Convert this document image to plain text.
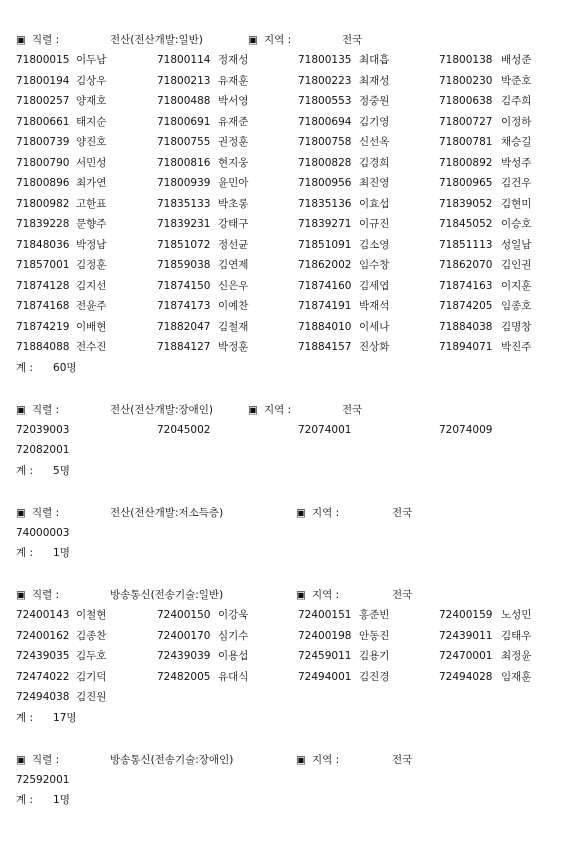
▣ 직렬 :	전산(전산개발:일반)	▣ 지역 :	전국
71800015 이두남	71800114 정재성	71800135 최대흡	71800138 배성준
71800194 김상우	71800213 유재훈	71800223 최재성	71800230 박준호
71800257 양재호	71800488 박서영	71800553 정중원	71800638 김주희
71800661 태지순	71800691 유재준	71800694 김기영	71800727 이정하
71800739 양진호	71800755 권정훈	71800758 신선옥	71800781 채승길
71800790 서민성	71800816 현지웅	71800828 김경희	71800892 박성주
71800896 최가연	71800939 윤민아	71800956 최진영	71800965 김건우
71800982 고한표	71835133 박초롱	71835136 이효섭	71839052 김현미
71839228 문향주	71839231 강태구	71839271 이규진	71845052 이승호
71848036 박정남	71851072 정선균	71851091 김소영	71851113 성일남
71857001 김정훈	71859038 김연제	71862002 임수창	71862070 김인권
71874128 김지선	71874150 신은우	71874160 김세엽	71874163 이지훈
71874168 전윤주	71874173 이예찬	71874191 박재석	71874205 임종호
71874219 이배현	71882047 김철재	71884010 이세나	71884038 김명창
71884088 전수진	71884127 박정훈	71884157 진상화	71894071 박진주
계 : 60명
▣ 직렬 :	전산(전산개발:장애인)	▣ 지역 :	전국
72039003	72045002	72074001	72074009
72082001
계 : 5명
▣ 직렬 :	전산(전산개발:저소득층)	▣ 지역 :	전국
74000003
계 : 1명
▣ 직렬 :	방송통신(전송기술:일반)	▣ 지역 :	전국
72400143 이철현	72400150 이강욱	72400151 홍준빈	72400159 노성민
72400162 김종찬	72400170 심기수	72400198 안동진	72439011 김태우
72439035 김두호	72439039 이용섭	72459011 김용기	72470001 최정윤
72474022 김기덕	72482005 유대식	72494001 김진경	72494028 임재훈
72494038 김진원
계 : 17명
▣ 직렬 :	방송통신(전송기술:장애인)	▣ 지역 :	전국
72592001
계 : 1명
